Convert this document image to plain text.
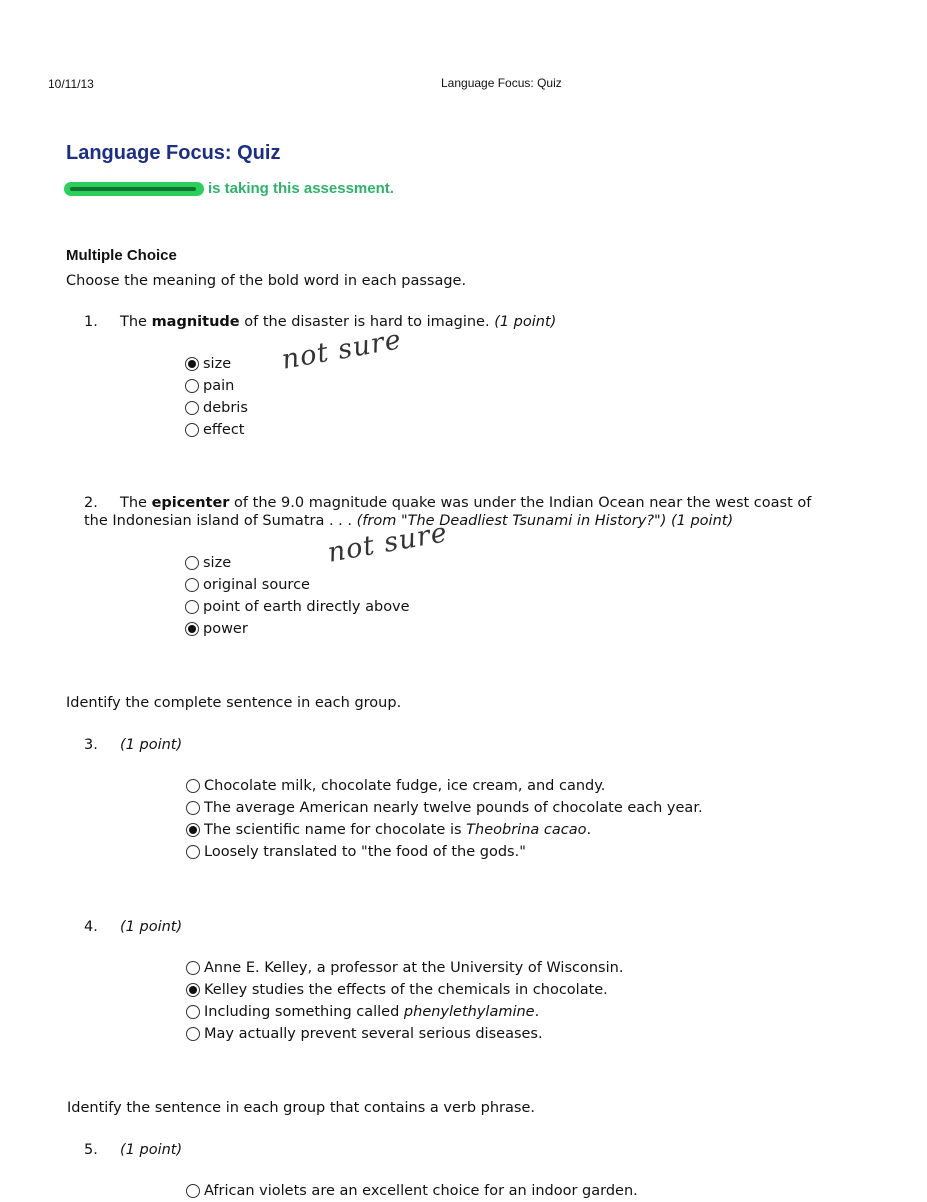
10/11/13	Language Focus: Quiz
Language Focus: Quiz
is taking this assessment.
Multiple Choice
Choose the meaning of the bold word in each passage.
1. The magnitude of the disaster is hard to imagine. (1 point)
size
pain
debris
effect
not sure
2. The epicenter of the 9.0 magnitude quake was under the Indian Ocean near the west coast of
the Indonesian island of Sumatra . . . (from "The Deadliest Tsunami in History?") (1 point)
size
original source
point of earth directly above
power
not sure
Identify the complete sentence in each group.
3. (1 point)
Chocolate milk, chocolate fudge, ice cream, and candy.
The average American nearly twelve pounds of chocolate each year.
The scientific name for chocolate is
Theobrina cacao .
Loosely translated to "the food of the gods."
4. (1 point)
Anne E. Kelley, a professor at the University of Wisconsin.
Kelley studies the effects of the chemicals in chocolate.
Including something called
phenylethylamine .
May actually prevent several serious diseases.
Identify the sentence in each group that contains a verb phrase.
5. (1 point)
African violets are an excellent choice for an indoor garden.
